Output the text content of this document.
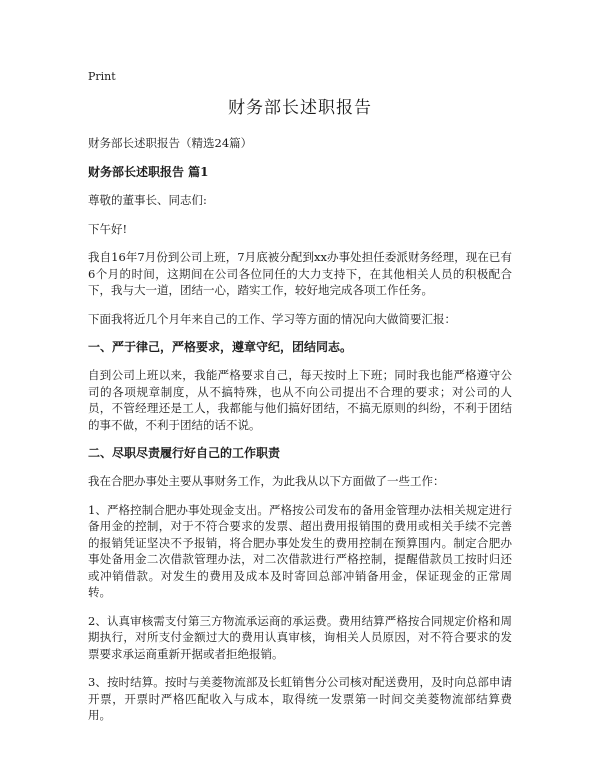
Print
财务部长述职报告

财务部长述职报告（精选24篇）

财务部长述职报告 篇1

尊敬的董事长、同志们:

下午好!

我自16年7月份到公司上班，7月底被分配到xx办事处担任委派财务经理，现在已有6个月的时间，这期间在公司各位同任的大力支持下，在其他相关人员的积极配合下，我与大一道，团结一心，踏实工作，较好地完成各项工作任务。

下面我将近几个月年来自己的工作、学习等方面的情况向大做简要汇报：

一、严于律己，严格要求，遵章守纪，团结同志。

自到公司上班以来，我能严格要求自己，每天按时上下班；同时我也能严格遵守公司的各项规章制度，从不搞特殊，也从不向公司提出不合理的要求；对公司的人员，不管经理还是工人，我都能与他们搞好团结，不搞无原则的纠纷，不利于团结的事不做，不利于团结的话不说。

二、尽职尽责履行好自己的工作职责

我在合肥办事处主要从事财务工作，为此我从以下方面做了一些工作：

1、严格控制合肥办事处现金支出。严格按公司发布的备用金管理办法相关规定进行备用金的控制，对于不符合要求的发票、超出费用报销围的费用或相关手续不完善的报销凭证坚决不予报销，将合肥办事处发生的费用控制在预算围内。制定合肥办事处备用金二次借款管理办法，对二次借款进行严格控制，提醒借款员工按时归还或冲销借款。对发生的费用及成本及时寄回总部冲销备用金，保证现金的正常周转。

2、认真审核需支付第三方物流承运商的承运费。费用结算严格按合同规定价格和周期执行，对所支付金额过大的费用认真审核，询相关人员原因，对不符合要求的发票要求承运商重新开据或者拒绝报销。

3、按时结算。按时与美菱物流部及长虹销售分公司核对配送费用，及时向总部申请开票，开票时严格匹配收入与成本，取得统一发票第一时间交美菱物流部结算费用。
